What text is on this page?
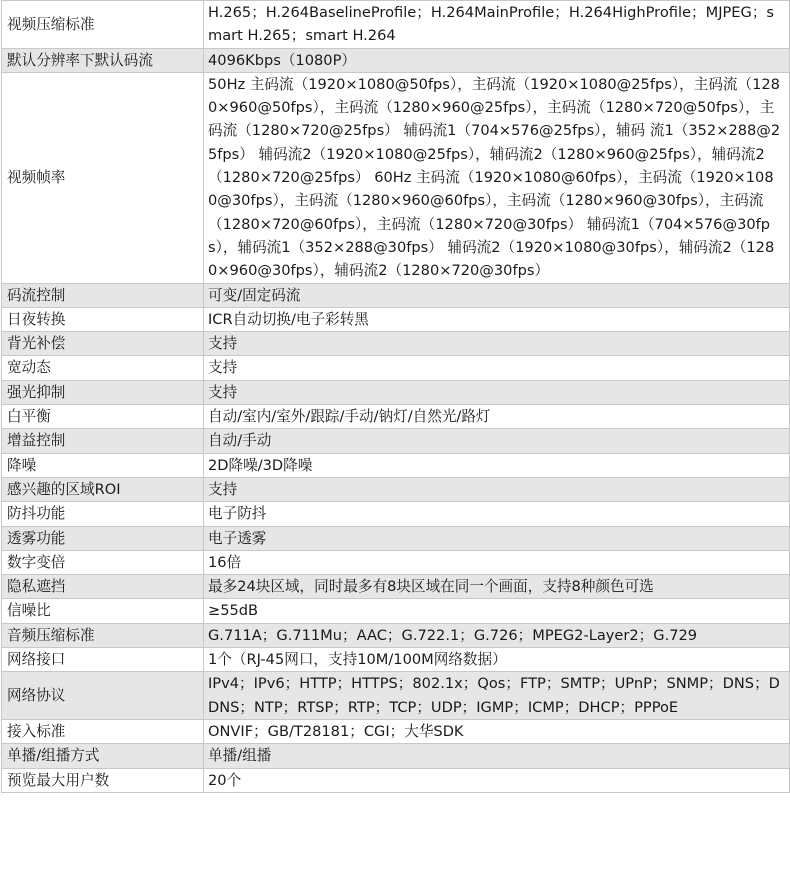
视频压缩标准	H.265；H.264BaselineProfile；H.264MainProfile；H.264HighProfile；MJPEG；smart H.265；smart H.264
默认分辨率下默认码流	4096Kbps（1080P）
视频帧率	50Hz 主码流（1920×1080@50fps），主码流（1920×1080@25fps），主码流（1280×960@50fps），主码流（1280×960@25fps），主码流（1280×720@50fps），主码流（1280×720@25fps） 辅码流1（704×576@25fps），辅码 流1（352×288@25fps） 辅码流2（1920×1080@25fps），辅码流2（1280×960@25fps），辅码流2（1280×720@25fps） 60Hz 主码流（1920×1080@60fps），主码流（1920×1080@30fps），主码流（1280×960@60fps），主码流（1280×960@30fps），主码流（1280×720@60fps），主码流（1280×720@30fps） 辅码流1（704×576@30fps），辅码流1（352×288@30fps） 辅码流2（1920×1080@30fps），辅码流2（1280×960@30fps），辅码流2（1280×720@30fps）
码流控制	可变/固定码流
日夜转换	ICR自动切换/电子彩转黑
背光补偿	支持
宽动态	支持
强光抑制	支持
白平衡	自动/室内/室外/跟踪/手动/钠灯/自然光/路灯
增益控制	自动/手动
降噪	2D降噪/3D降噪
感兴趣的区域ROI	支持
防抖功能	电子防抖
透雾功能	电子透雾
数字变倍	16倍
隐私遮挡	最多24块区域，同时最多有8块区域在同一个画面，支持8种颜色可选
信噪比	≥55dB
音频压缩标准	G.711A；G.711Mu；AAC；G.722.1；G.726；MPEG2-Layer2；G.729
网络接口	1个（RJ-45网口，支持10M/100M网络数据）
网络协议	IPv4；IPv6；HTTP；HTTPS；802.1x；Qos；FTP；SMTP；UPnP；SNMP；DNS；DDNS；NTP；RTSP；RTP；TCP；UDP；IGMP；ICMP；DHCP；PPPoE
接入标准	ONVIF；GB/T28181；CGI；大华SDK
单播/组播方式	单播/组播
预览最大用户数	20个
